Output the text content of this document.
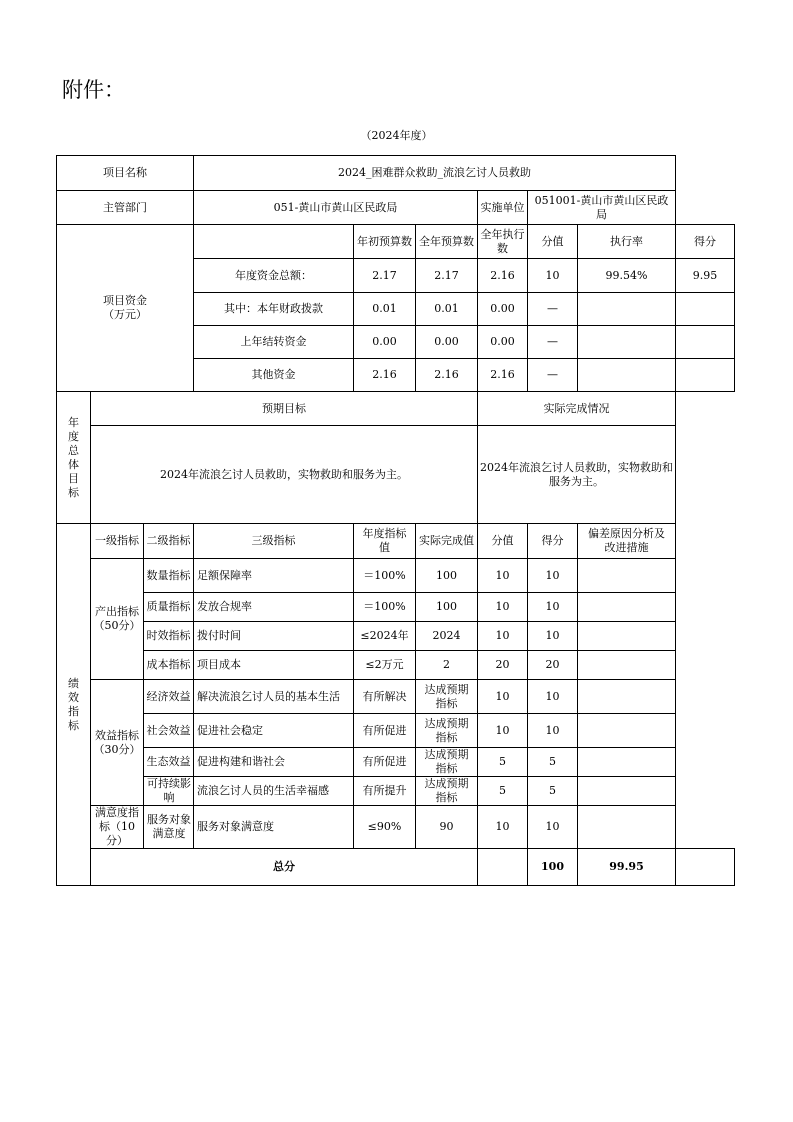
附件：
（2024年度）
项目名称			2024_困难群众救助_流浪乞讨人员救助						
主管部门			051-黄山市黄山区民政局			实施单位	051001-黄山市黄山区民政局		
项目资金（万元）				年初预算数	全年预算数	全年执行数	分值	执行率	得分
			年度资金总额：	2.17	2.17	2.16	10	99.54%	9.95
			其中：本年财政拨款	0.01	0.01	0.00	—		
			上年结转资金	0.00	0.00	0.00	—		
			其他资金	2.16	2.16	2.16	—		
年度总体目标	预期目标					实际完成情况			
	2024年流浪乞讨人员救助，实物救助和服务为主。					2024年流浪乞讨人员救助，实物救助和服务为主。			
绩效指标	一级指标	二级指标	三级指标	年度指标值	实际完成值	分值	得分	偏差原因分析及改进措施	
	产出指标（50分）	数量指标	足额保障率	＝100%	100	10	10		
		质量指标	发放合规率	＝100%	100	10	10		
		时效指标	拨付时间	≤2024年	2024	10	10		
		成本指标	项目成本	≤2万元	2	20	20		
	效益指标（30分）	经济效益	解决流浪乞讨人员的基本生活	有所解决	达成预期指标	10	10		
		社会效益	促进社会稳定	有所促进	达成预期指标	10	10		
		生态效益	促进构建和谐社会	有所促进	达成预期指标	5	5		
		可持续影响	流浪乞讨人员的生活幸福感	有所提升	达成预期指标	5	5		
	满意度指标（10分）	服务对象满意度	服务对象满意度	≤90%	90	10	10		
	总分						100	99.95	
